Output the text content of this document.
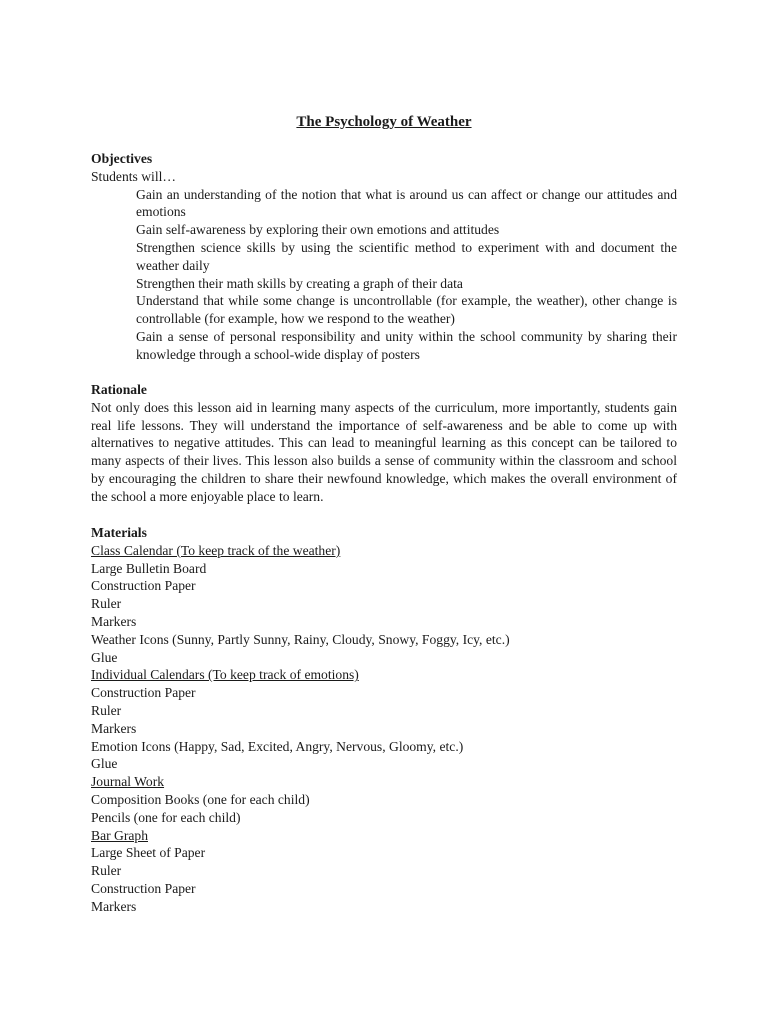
The Psychology of Weather

Objectives

Students will…

Gain an understanding of the notion that what is around us can affect or change our attitudes and emotions
Gain self-awareness by exploring their own emotions and attitudes
Strengthen science skills by using the scientific method to experiment with and document the weather daily
Strengthen their math skills by creating a graph of their data
Understand that while some change is uncontrollable (for example, the weather), other change is controllable (for example, how we respond to the weather)
Gain a sense of personal responsibility and unity within the school community by sharing their knowledge through a school-wide display of posters

Rationale

Not only does this lesson aid in learning many aspects of the curriculum, more importantly, students gain real life lessons. They will understand the importance of self-awareness and be able to come up with alternatives to negative attitudes. This can lead to meaningful learning as this concept can be tailored to many aspects of their lives. This lesson also builds a sense of community within the classroom and school by encouraging the children to share their newfound knowledge, which makes the overall environment of the school a more enjoyable place to learn.

Materials

Class Calendar (To keep track of the weather)
Large Bulletin Board
Construction Paper
Ruler
Markers
Weather Icons (Sunny, Partly Sunny, Rainy, Cloudy, Snowy, Foggy, Icy, etc.)
Glue
Individual Calendars (To keep track of emotions)
Construction Paper
Ruler
Markers
Emotion Icons (Happy, Sad, Excited, Angry, Nervous, Gloomy, etc.)
Glue
Journal Work
Composition Books (one for each child)
Pencils (one for each child)
Bar Graph
Large Sheet of Paper
Ruler
Construction Paper
Markers
